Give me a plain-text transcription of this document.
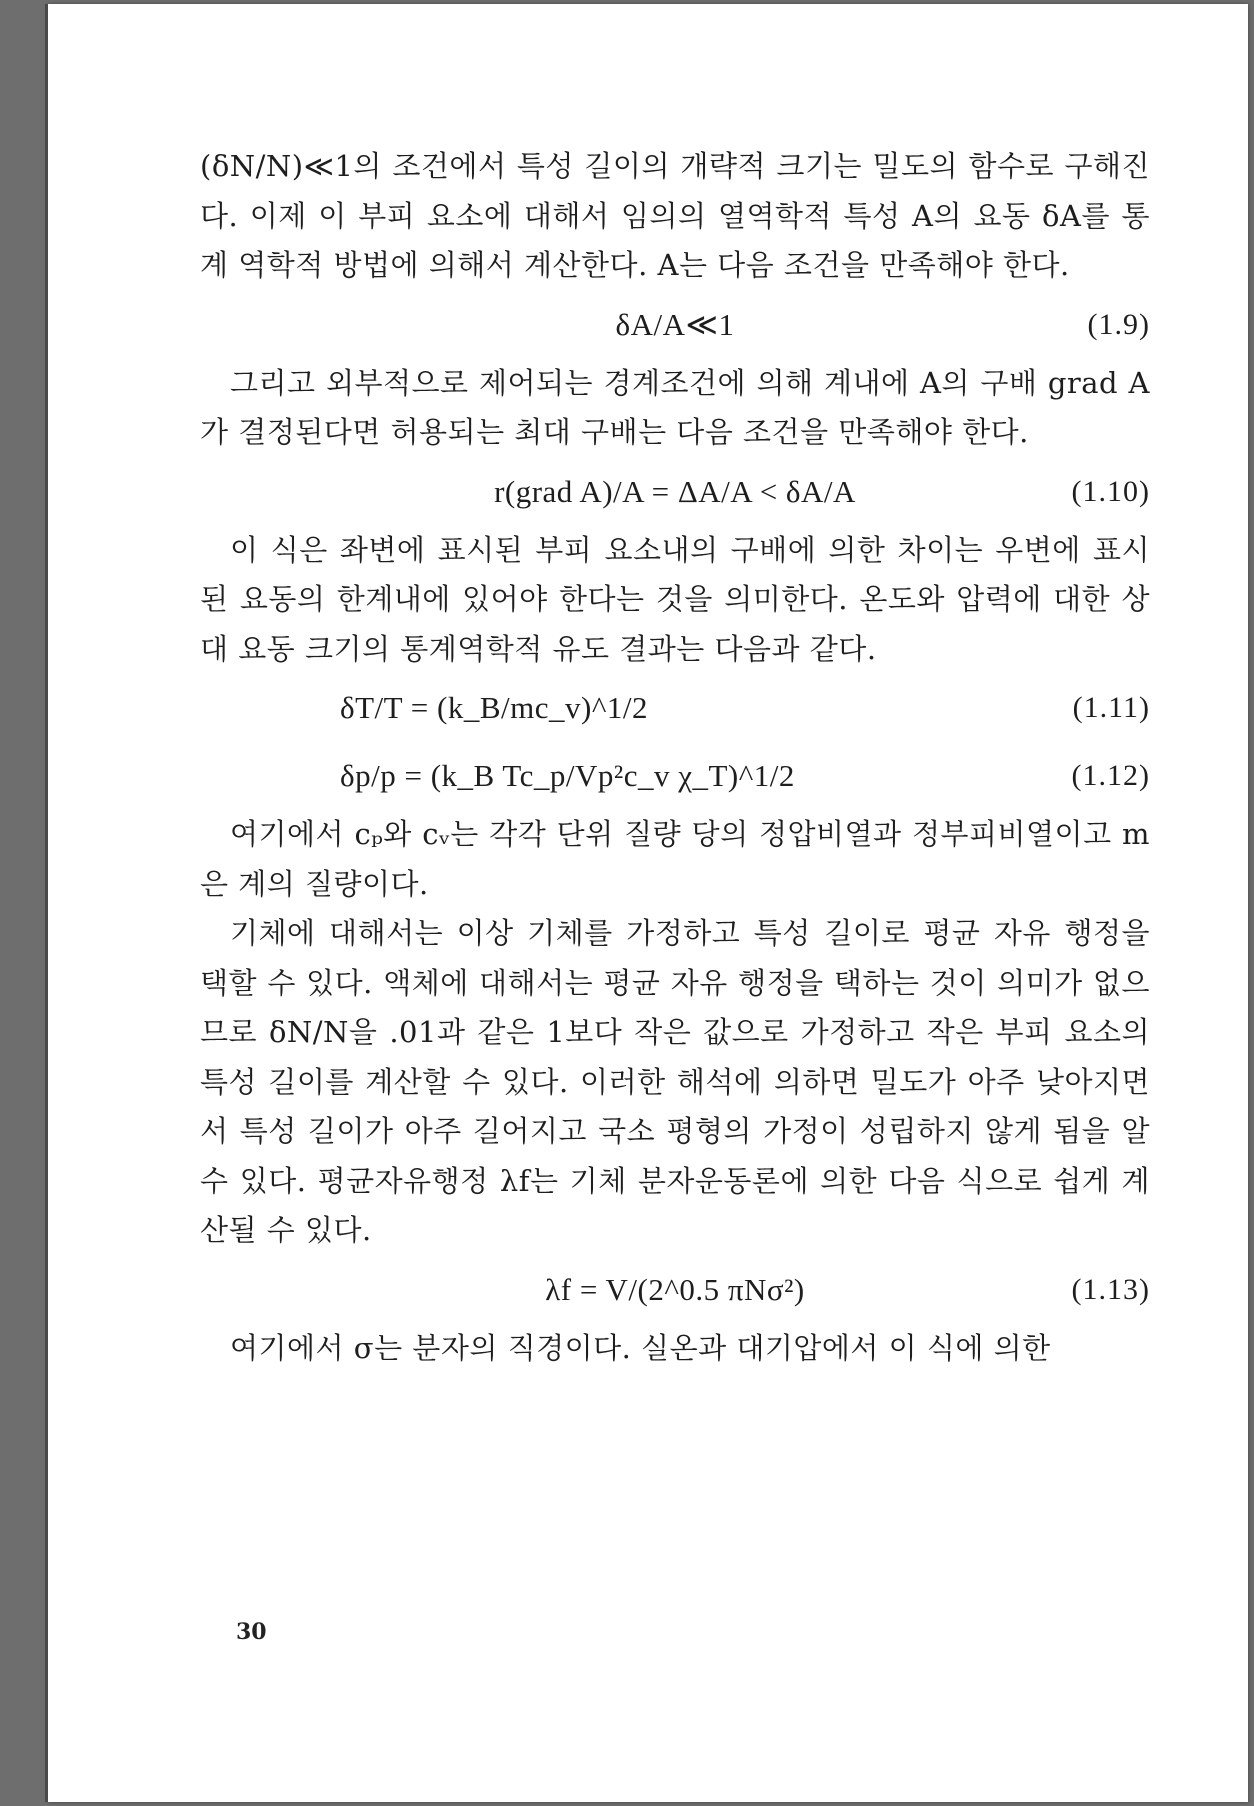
(δN/N)≪1의 조건에서 특성 길이의 개략적 크기는 밀도의 함수로 구해진다. 이제 이 부피 요소에 대해서 임의의 열역학적 특성 A의 요동 δA를 통계 역학적 방법에 의해서 계산한다. A는 다음 조건을 만족해야 한다.

δA/A≪1	(1.9)

그리고 외부적으로 제어되는 경계조건에 의해 계내에 A의 구배 grad A가 결정된다면 허용되는 최대 구배는 다음 조건을 만족해야 한다.

r(grad A)/A = ΔA/A < δA/A	(1.10)

이 식은 좌변에 표시된 부피 요소내의 구배에 의한 차이는 우변에 표시된 요동의 한계내에 있어야 한다는 것을 의미한다. 온도와 압력에 대한 상대 요동 크기의 통계역학적 유도 결과는 다음과 같다.

δT/T = (k_B/mc_v)^1/2	(1.11)
δp/p = (k_B Tc_p/Vp²c_v χ_T)^1/2	(1.12)

여기에서 cₚ와 cᵥ는 각각 단위 질량 당의 정압비열과 정부피비열이고 m은 계의 질량이다.

기체에 대해서는 이상 기체를 가정하고 특성 길이로 평균 자유 행정을 택할 수 있다. 액체에 대해서는 평균 자유 행정을 택하는 것이 의미가 없으므로 δN/N을 .01과 같은 1보다 작은 값으로 가정하고 작은 부피 요소의 특성 길이를 계산할 수 있다. 이러한 해석에 의하면 밀도가 아주 낮아지면서 특성 길이가 아주 길어지고 국소 평형의 가정이 성립하지 않게 됨을 알 수 있다. 평균자유행정 λf는 기체 분자운동론에 의한 다음 식으로 쉽게 계산될 수 있다.

λf = V/(2^0.5 πNσ²)	(1.13)

여기에서 σ는 분자의 직경이다. 실온과 대기압에서 이 식에 의한

30
